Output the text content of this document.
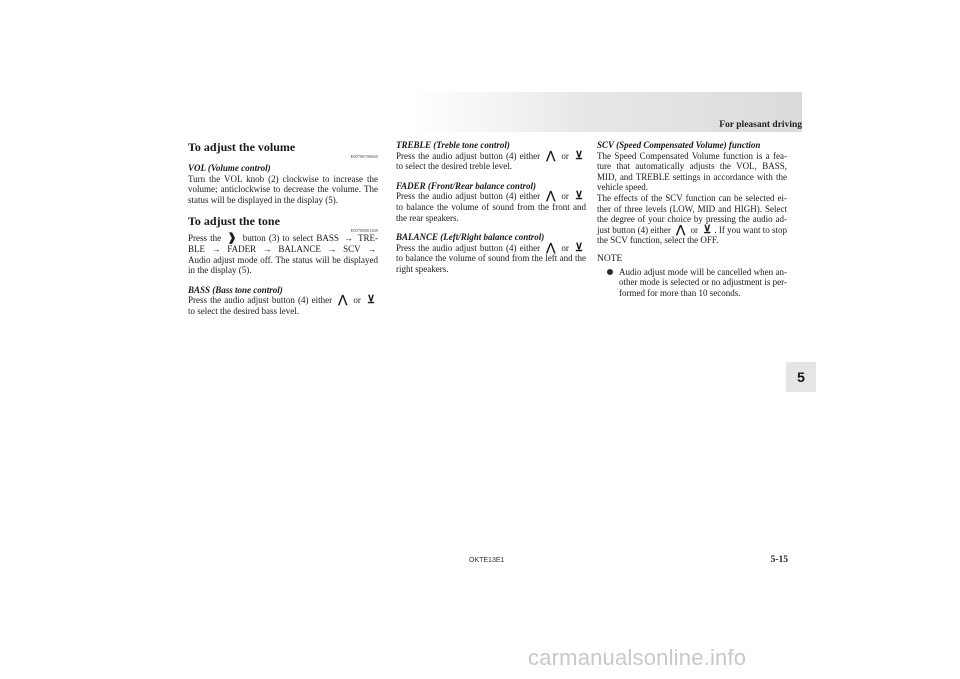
For pleasant driving
To adjust the volume
E00708700665

VOL (Volume control)

Turn the VOL knob (2) clockwise to increase the volume; anticlockwise to decrease the volume. The status will be displayed in the display (5).

To adjust the tone
E00708801269

Press the ❱ button (3) to select BASS → TRE- BLE → FADER → BALANCE → SCV → Audio adjust mode off. The status will be displayed in the display (5).

BASS (Bass tone control)

Press the audio adjust button (4) either ⋀ or ⊻ to select the desired bass level.

TREBLE (Treble tone control)

Press the audio adjust button (4) either ⋀ or ⊻ to select the desired treble level.

FADER (Front/Rear balance control)

Press the audio adjust button (4) either ⋀ or ⊻ to balance the volume of sound from the front and the rear speakers.

BALANCE (Left/Right balance control)

Press the audio adjust button (4) either ⋀ or ⊻ to balance the volume of sound from the left and the right speakers.

SCV (Speed Compensated Volume) function

The Speed Compensated Volume function is a fea- ture that automatically adjusts the VOL, BASS, MID, and TREBLE settings in accordance with the vehicle speed.

The effects of the SCV function can be selected ei- ther of three levels (LOW, MID and HIGH). Select the degree of your choice by pressing the audio ad- just button (4) either ⋀ or ⊻ . If you want to stop the SCV function, select the OFF.

NOTE

Audio adjust mode will be cancelled when an- other mode is selected or no adjustment is per- formed for more than 10 seconds.

5
OKTE13E1	5-15
carmanualsonline.info
